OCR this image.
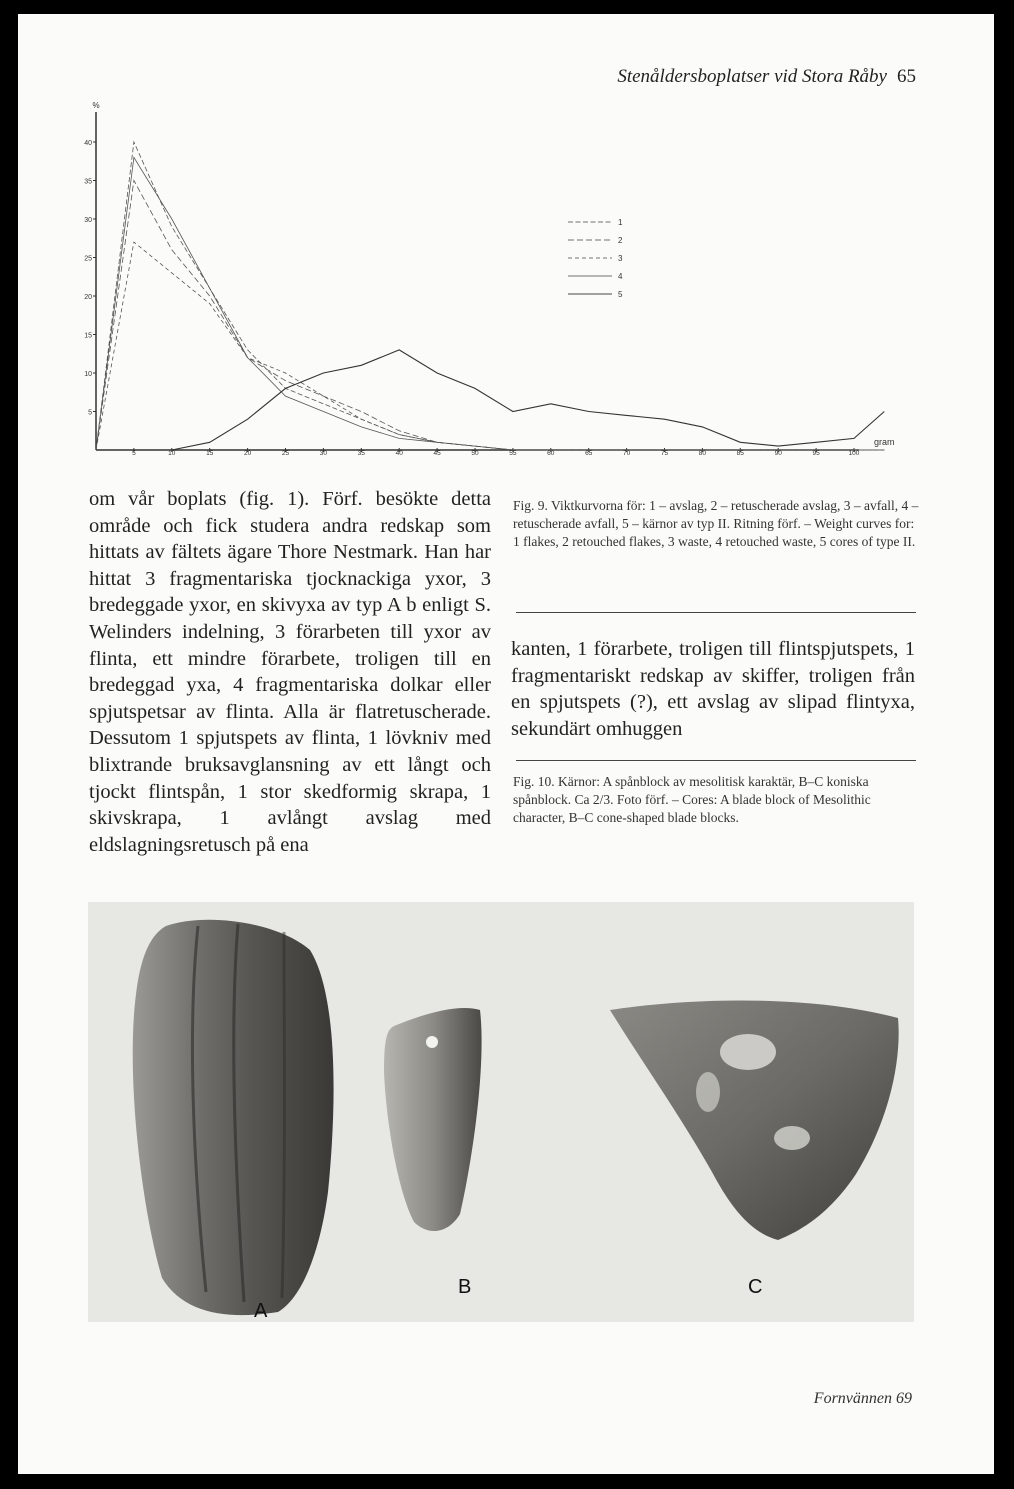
Stenåldersboplatser vid Stora Råby 65
5
10
15
20
25
30
35
40
5	10	15	20	25	30	35	40	45	50	55	60	65	70	75	80	85	90	95	100
%
gram
1
2
3
4
5
om vår boplats (fig. 1). Förf. besökte detta område och fick studera andra redskap som hittats av fältets ägare Thore Nestmark. Han har hittat 3 fragmentariska tjocknackiga yxor, 3 bredeggade yxor, en skivyxa av typ A b enligt S. Welinders indelning, 3 förarbeten till yxor av flinta, ett mindre förarbete, troligen till en bredeggad yxa, 4 fragmentariska dolkar eller spjutspetsar av flinta. Alla är flatretuscherade. Dessutom 1 spjutspets av flinta, 1 lövkniv med blixtrande bruksavglansning av ett långt och tjockt flintspån, 1 stor skedformig skrapa, 1 skivskrapa, 1 avlångt avslag med eldslagningsretusch på ena
Fig. 9. Viktkurvorna för: 1 – avslag, 2 – retuscherade avslag, 3 – avfall, 4 – retuscherade avfall, 5 – kärnor av typ II. Ritning förf. – Weight curves for: 1 flakes, 2 retouched flakes, 3 waste, 4 retouched waste, 5 cores of type II.
kanten, 1 förarbete, troligen till flintspjutspets, 1 fragmentariskt redskap av skiffer, troligen från en spjutspets (?), ett avslag av slipad flintyxa, sekundärt omhuggen
Fig. 10. Kärnor: A spånblock av mesolitisk karaktär, B–C koniska spånblock. Ca 2/3. Foto förf. – Cores: A blade block of Mesolithic character, B–C cone-shaped blade blocks.
A
B	C
Fornvännen 69
